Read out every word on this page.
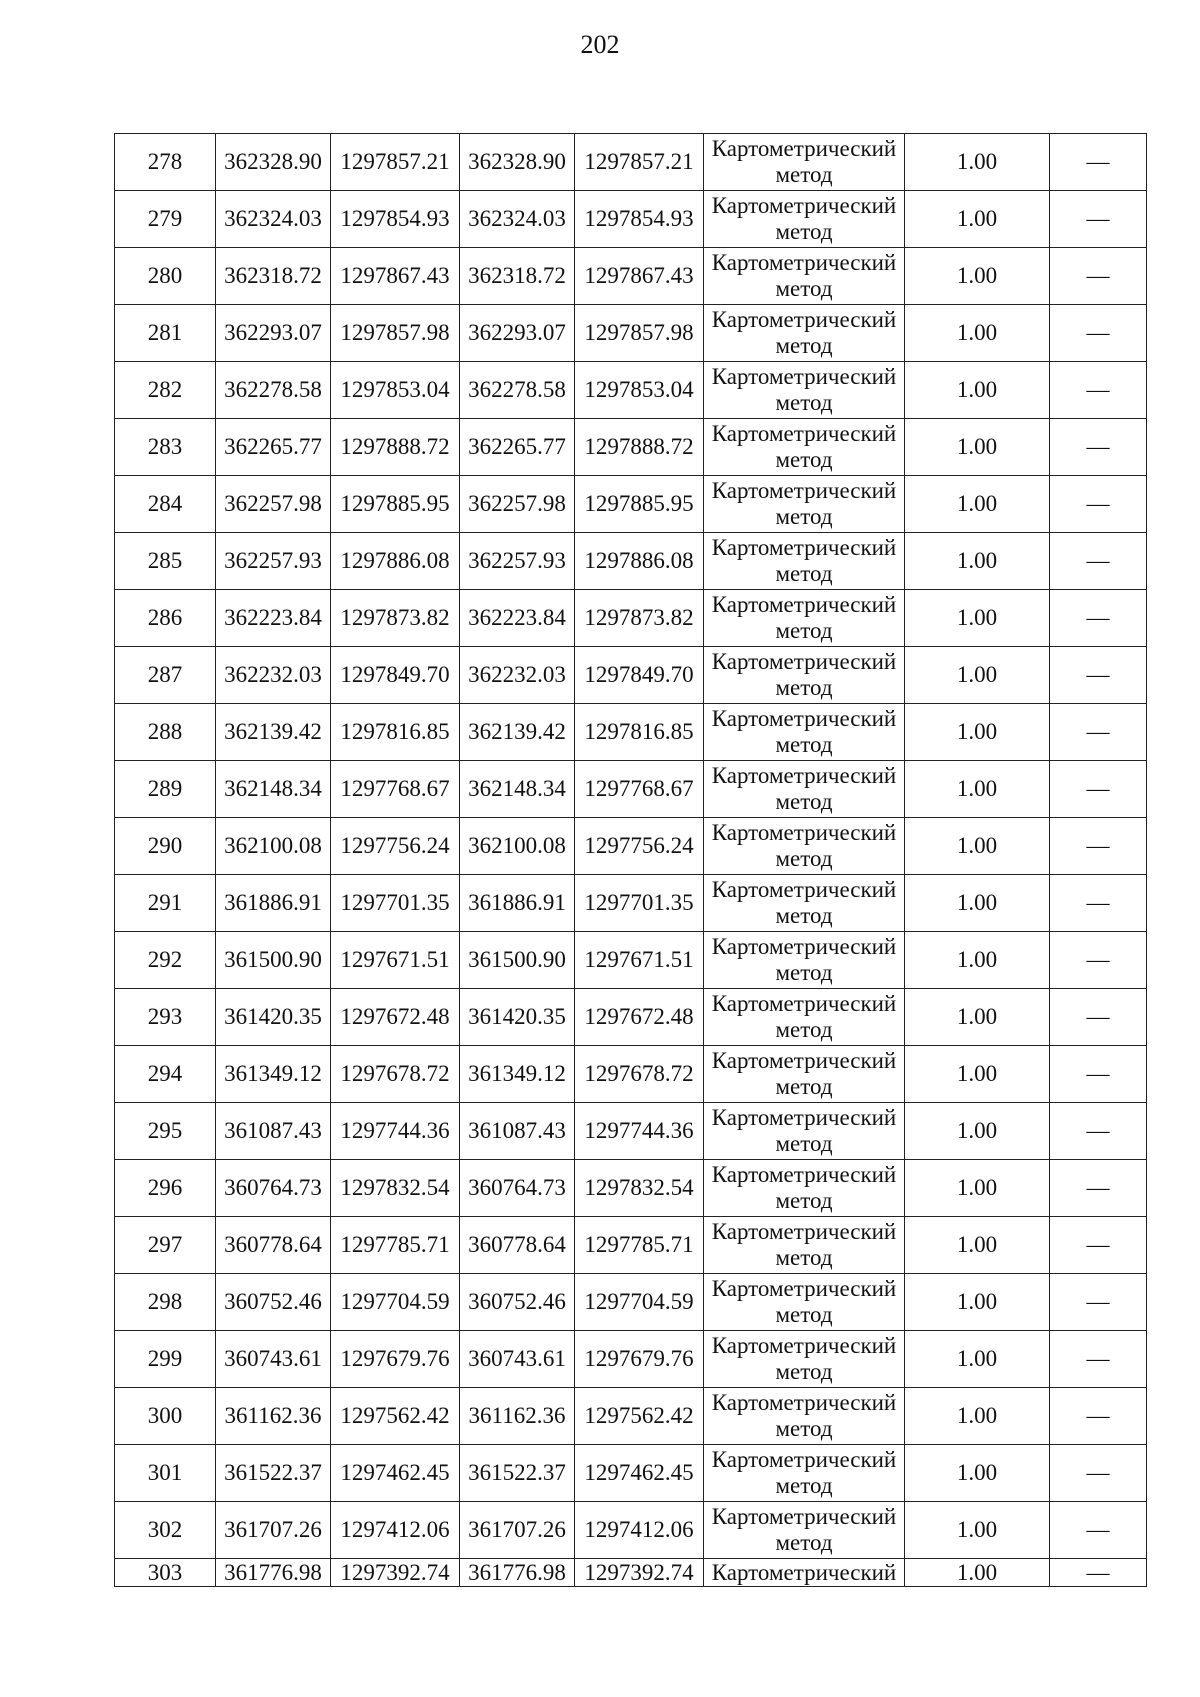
202
278	362328.90	1297857.21	362328.90	1297857.21	Картометрический
метод	1.00	—
279	362324.03	1297854.93	362324.03	1297854.93	Картометрический
метод	1.00	—
280	362318.72	1297867.43	362318.72	1297867.43	Картометрический
метод	1.00	—
281	362293.07	1297857.98	362293.07	1297857.98	Картометрический
метод	1.00	—
282	362278.58	1297853.04	362278.58	1297853.04	Картометрический
метод	1.00	—
283	362265.77	1297888.72	362265.77	1297888.72	Картометрический
метод	1.00	—
284	362257.98	1297885.95	362257.98	1297885.95	Картометрический
метод	1.00	—
285	362257.93	1297886.08	362257.93	1297886.08	Картометрический
метод	1.00	—
286	362223.84	1297873.82	362223.84	1297873.82	Картометрический
метод	1.00	—
287	362232.03	1297849.70	362232.03	1297849.70	Картометрический
метод	1.00	—
288	362139.42	1297816.85	362139.42	1297816.85	Картометрический
метод	1.00	—
289	362148.34	1297768.67	362148.34	1297768.67	Картометрический
метод	1.00	—
290	362100.08	1297756.24	362100.08	1297756.24	Картометрический
метод	1.00	—
291	361886.91	1297701.35	361886.91	1297701.35	Картометрический
метод	1.00	—
292	361500.90	1297671.51	361500.90	1297671.51	Картометрический
метод	1.00	—
293	361420.35	1297672.48	361420.35	1297672.48	Картометрический
метод	1.00	—
294	361349.12	1297678.72	361349.12	1297678.72	Картометрический
метод	1.00	—
295	361087.43	1297744.36	361087.43	1297744.36	Картометрический
метод	1.00	—
296	360764.73	1297832.54	360764.73	1297832.54	Картометрический
метод	1.00	—
297	360778.64	1297785.71	360778.64	1297785.71	Картометрический
метод	1.00	—
298	360752.46	1297704.59	360752.46	1297704.59	Картометрический
метод	1.00	—
299	360743.61	1297679.76	360743.61	1297679.76	Картометрический
метод	1.00	—
300	361162.36	1297562.42	361162.36	1297562.42	Картометрический
метод	1.00	—
301	361522.37	1297462.45	361522.37	1297462.45	Картометрический
метод	1.00	—
302	361707.26	1297412.06	361707.26	1297412.06	Картометрический
метод	1.00	—
303	361776.98	1297392.74	361776.98	1297392.74	Картометрический	1.00	—
